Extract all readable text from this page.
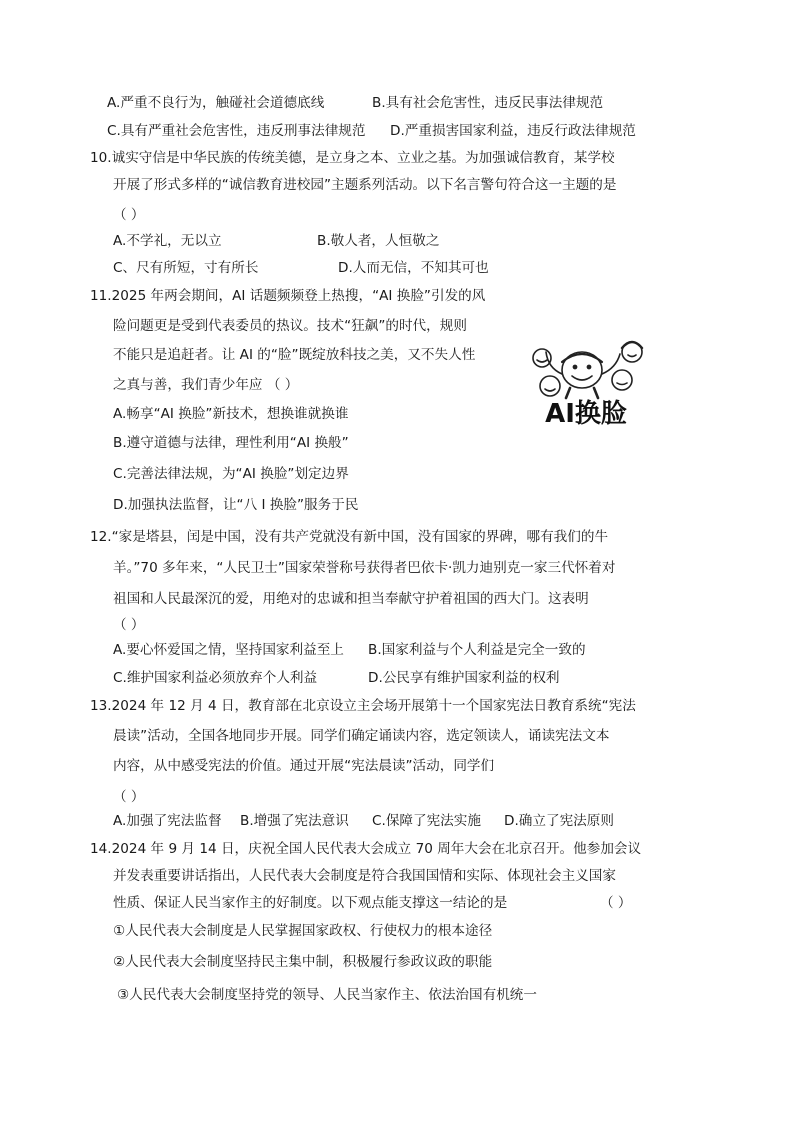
A.严重不良行为，触碰社会道德底线	B.具有社会危害性，违反民事法律规范
C.具有严重社会危害性，违反刑事法律规范 D.严重损害国家利益，违反行政法律规范
10.诚实守信是中华民族的传统美德，是立身之本、立业之基。为加强诚信教育，某学校
开展了形式多样的“诚信教育进校园”主题系列活动。以下名言警句符合这一主题的是
（ ）
A.不学礼，无以立	B.敬人者，人恒敬之
C、尺有所短，寸有所长	D.人而无信，不知其可也
11.2025 年两会期间，AI 话题频频登上热搜，“AI 换脸”引发的风
险问题更是受到代表委员的热议。技术“狂飙”的时代，规则
不能只是追赶者。让 AI 的“脸”既绽放科技之美，又不失人性
之真与善，我们青少年应 （ ）
A.畅享“AI 换脸”新技术，想换谁就换谁
B.遵守道德与法律，理性利用“AI 换般”
C.完善法律法规，为“AI 换脸”划定边界
D.加强执法监督，让“八 I 换脸”服务于民
AI换脸
12.“家是塔县，闰是中国，没有共产党就没有新中国，没有国家的界碑，哪有我们的牛
羊。”70 多年来，“人民卫士”国家荣誉称号获得者巴依卡·凯力迪别克一家三代怀着对
祖国和人民最深沉的爱，用绝对的忠诚和担当奉献守护着祖国的西大门。这表明
（ ）
A.要心怀爱国之情，坚持国家利益至上 B.国家利益与个人利益是完全一致的
C.维护国家利益必须放弃个人利益	D.公民享有维护国家利益的权利
13.2024 年 12 月 4 日，教育部在北京设立主会场开展第十一个国家宪法日教育系统“宪法
晨读”活动，全国各地同步开展。同学们确定诵读内容，选定领读人，诵读宪法文本
内容，从中感受宪法的价值。通过开展“宪法晨读”活动，同学们
（ ）
A.加强了宪法监督 B.增强了宪法意识 C.保障了宪法实施 D.确立了宪法原则
14.2024 年 9 月 14 日，庆祝全国人民代表大会成立 70 周年大会在北京召开。他参加会议
并发表重要讲话指出，人民代表大会制度是符合我国国情和实际、体现社会主义国家
性质、保证人民当家作主的好制度。以下观点能支撑这一结论的是	（ ）
①人民代表大会制度是人民掌握国家政权、行使权力的根本途径
②人民代表大会制度坚持民主集中制，积极履行参政议政的职能
③人民代表大会制度坚持党的领导、人民当家作主、依法治国有机统一
